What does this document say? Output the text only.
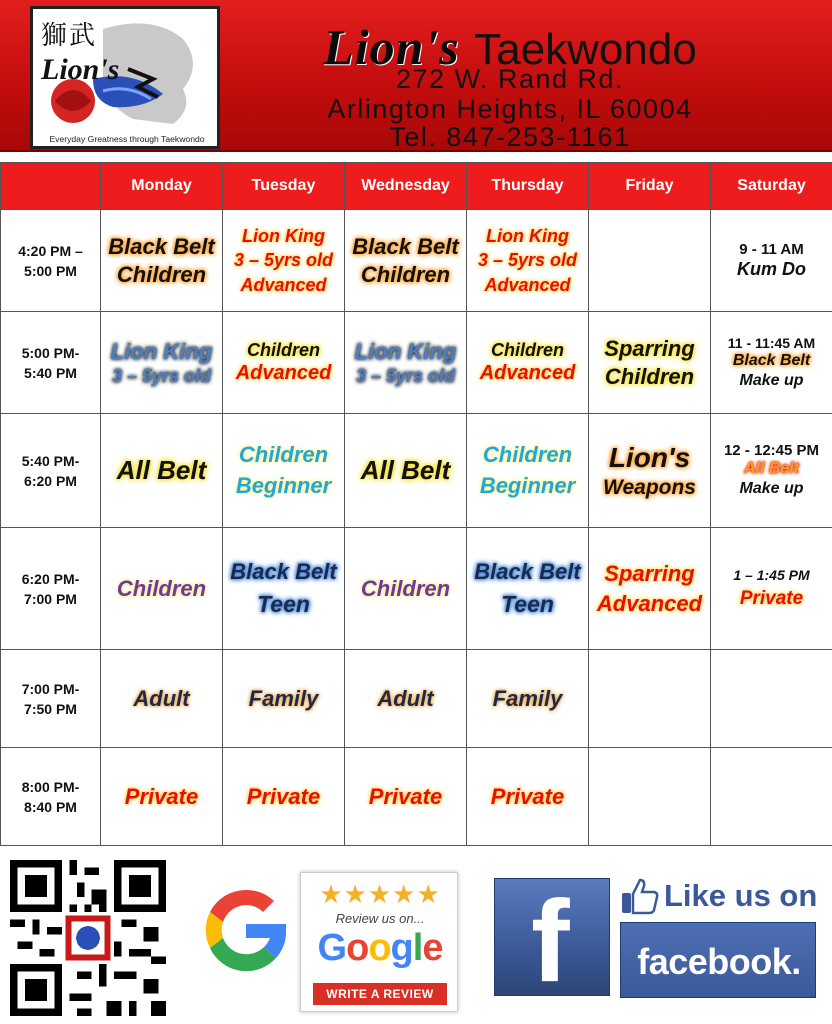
獅武
Lion's
Everyday Greatness through Taekwondo
Lion's Taekwondo
272 W. Rand Rd.
Arlington Heights, IL 60004
Tel. 847-253-1161
	Monday	Tuesday	Wednesday	Thursday	Friday	Saturday
4:20 PM –
5:00 PM	Black Belt
Children	Lion King
3 – 5yrs old
Advanced	Black Belt
Children	Lion King
3 – 5yrs old
Advanced		9 - 11 AM
Kum Do

5:00 PM-
5:40 PM	Lion King
3 – 5yrs old	Children
Advanced	Lion King
3 – 5yrs old	Children
Advanced	Sparring
Children	11 - 11:45 AM
Black Belt
Make up

5:40 PM-
6:20 PM	All Belt	Children
Beginner	All Belt	Children
Beginner	Lion's
Weapons	12 - 12:45 PM
All Belt
Make up

6:20 PM-
7:00 PM	Children	Black Belt
Teen	Children	Black Belt
Teen	Sparring
Advanced	1 – 1:45 PM
Private

7:00 PM-
7:50 PM	Adult	Family	Adult	Family		

8:00 PM-
8:40 PM	Private	Private	Private	Private		

★★★★★
Review us on...
Google
WRITE A REVIEW f	Like us on
facebook.
